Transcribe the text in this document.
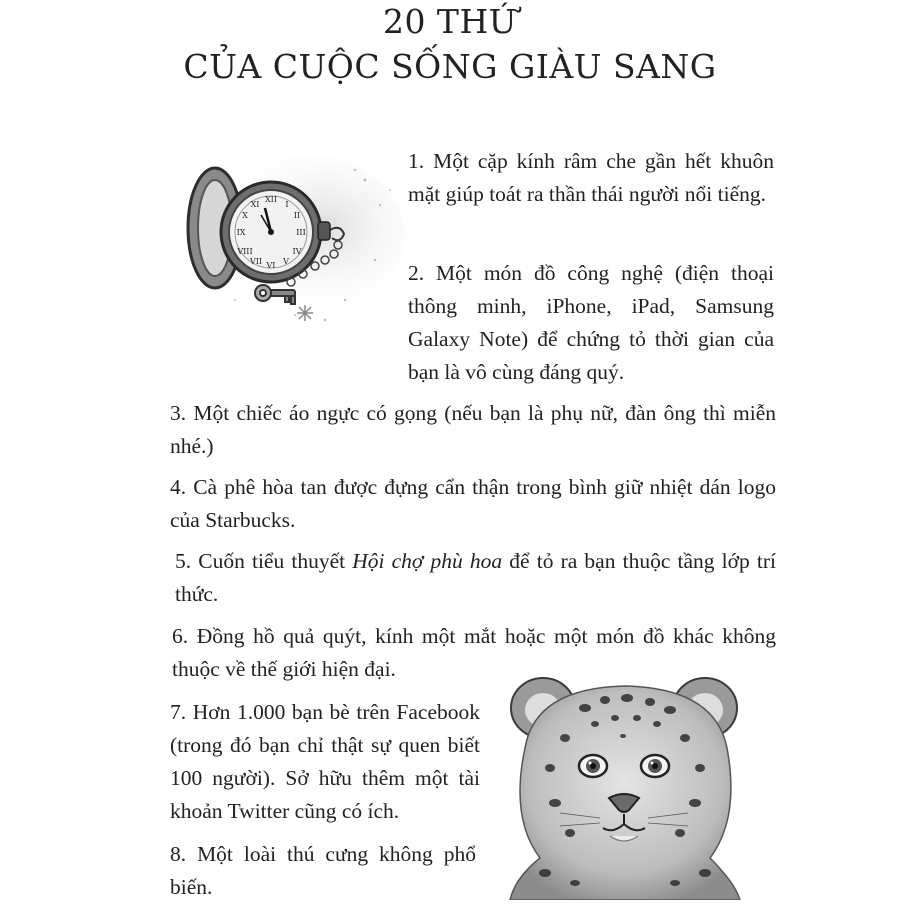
20 THỨ
CỦA CUỘC SỐNG GIÀU SANG
XII
III
VI
IX
I
II
IV
V
VII
VIII
X
XI

1. Một cặp kính râm che gần hết khuôn mặt giúp toát ra thần thái người nổi tiếng.

2. Một món đồ công nghệ (điện thoại thông minh, iPhone, iPad, Samsung Galaxy Note) để chứng tỏ thời gian của bạn là vô cùng đáng quý.

3. Một chiếc áo ngực có gọng (nếu bạn là phụ nữ, đàn ông thì miễn nhé.)

4. Cà phê hòa tan được đựng cẩn thận trong bình giữ nhiệt dán logo của Starbucks.

5. Cuốn tiểu thuyết Hội chợ phù hoa để tỏ ra bạn thuộc tầng lớp trí thức.

6. Đồng hồ quả quýt, kính một mắt hoặc một món đồ khác không thuộc về thế giới hiện đại.

7. Hơn 1.000 bạn bè trên Facebook (trong đó bạn chỉ thật sự quen biết 100 người). Sở hữu thêm một tài khoản Twitter cũng có ích.

8. Một loài thú cưng không phổ biến.
